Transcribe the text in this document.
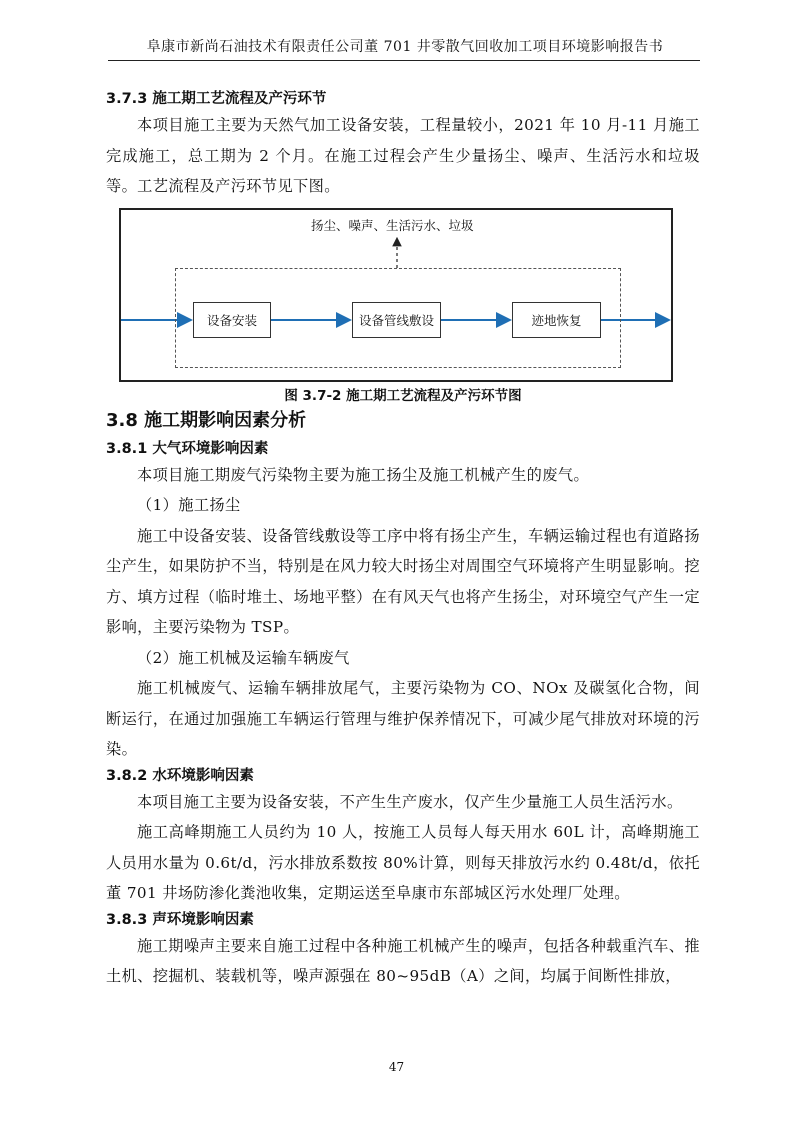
阜康市新尚石油技术有限责任公司董 701 井零散气回收加工项目环境影响报告书

3.7.3 施工期工艺流程及产污环节

本项目施工主要为天然气加工设备安装，工程量较小，2021 年 10 月-11 月施工完成施工，总工期为 2 个月。在施工过程会产生少量扬尘、噪声、生活污水和垃圾等。工艺流程及产污环节见下图。

扬尘、噪声、生活污水、垃圾
设备安装	设备管线敷设	迹地恢复
图 3.7-2 施工期工艺流程及产污环节图

3.8 施工期影响因素分析

3.8.1 大气环境影响因素

本项目施工期废气污染物主要为施工扬尘及施工机械产生的废气。

（1）施工扬尘

施工中设备安装、设备管线敷设等工序中将有扬尘产生，车辆运输过程也有道路扬尘产生，如果防护不当，特别是在风力较大时扬尘对周围空气环境将产生明显影响。挖方、填方过程（临时堆土、场地平整）在有风天气也将产生扬尘，对环境空气产生一定影响，主要污染物为 TSP。

（2）施工机械及运输车辆废气

施工机械废气、运输车辆排放尾气，主要污染物为 CO、NOx 及碳氢化合物，间断运行，在通过加强施工车辆运行管理与维护保养情况下，可减少尾气排放对环境的污染。

3.8.2 水环境影响因素

本项目施工主要为设备安装，不产生生产废水，仅产生少量施工人员生活污水。

施工高峰期施工人员约为 10 人，按施工人员每人每天用水 60L 计，高峰期施工人员用水量为 0.6t/d，污水排放系数按 80%计算，则每天排放污水约 0.48t/d，依托董 701 井场防渗化粪池收集，定期运送至阜康市东部城区污水处理厂处理。

3.8.3 声环境影响因素

施工期噪声主要来自施工过程中各种施工机械产生的噪声，包括各种载重汽车、推土机、挖掘机、装载机等，噪声源强在 80~95dB（A）之间，均属于间断性排放，

47
